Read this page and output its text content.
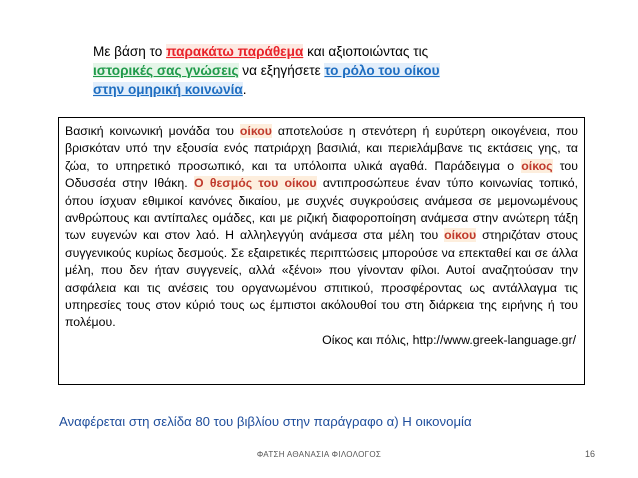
Με βάση το παρακάτω παράθεμα και αξιοποιώντας τις
ιστορικές σας γνώσεις να εξηγήσετε το ρόλο του οίκου
στην ομηρική κοινωνία.
Βασική κοινωνική μονάδα του οίκου αποτελούσε η στενότερη ή ευρύτερη οικογένεια, που βρισκόταν υπό την εξουσία ενός πατριάρχη βασιλιά, και περιελάμβανε τις εκτάσεις γης, τα ζώα, το υπηρετικό προσωπικό, και τα υπόλοιπα υλικά αγαθά. Παράδειγμα ο οίκος του Οδυσσέα στην Ιθάκη. Ο θεσμός του οίκου αντιπροσώπευε έναν τύπο κοινωνίας τοπικό, όπου ίσχυαν εθιμικοί κανόνες δικαίου, με συχνές συγκρούσεις ανάμεσα σε μεμονωμένους ανθρώπους και αντίπαλες ομάδες, και με ριζική διαφοροποίηση ανάμεσα στην ανώτερη τάξη των ευγενών και στον λαό. Η αλληλεγγύη ανάμεσα στα μέλη του οίκου στηριζόταν στους συγγενικούς κυρίως δεσμούς. Σε εξαιρετικές περιπτώσεις μπορούσε να επεκταθεί και σε άλλα μέλη, που δεν ήταν συγγενείς, αλλά «ξένοι» που γίνονταν φίλοι. Αυτοί αναζητούσαν την ασφάλεια και τις ανέσεις του οργανωμένου σπιτικού, προσφέροντας ως αντάλλαγμα τις υπηρεσίες τους στον κύριό τους ως έμπιστοι ακόλουθοί του στη διάρκεια της ειρήνης ή του πολέμου.
Οίκος και πόλις, http://www.greek-language.gr/
Αναφέρεται στη σελίδα 80 του βιβλίου στην παράγραφο α) Η οικονομία
ΦΑΤΣΗ ΑΘΑΝΑΣΙΑ ΦΙΛΟΛΟΓΟΣ	16
